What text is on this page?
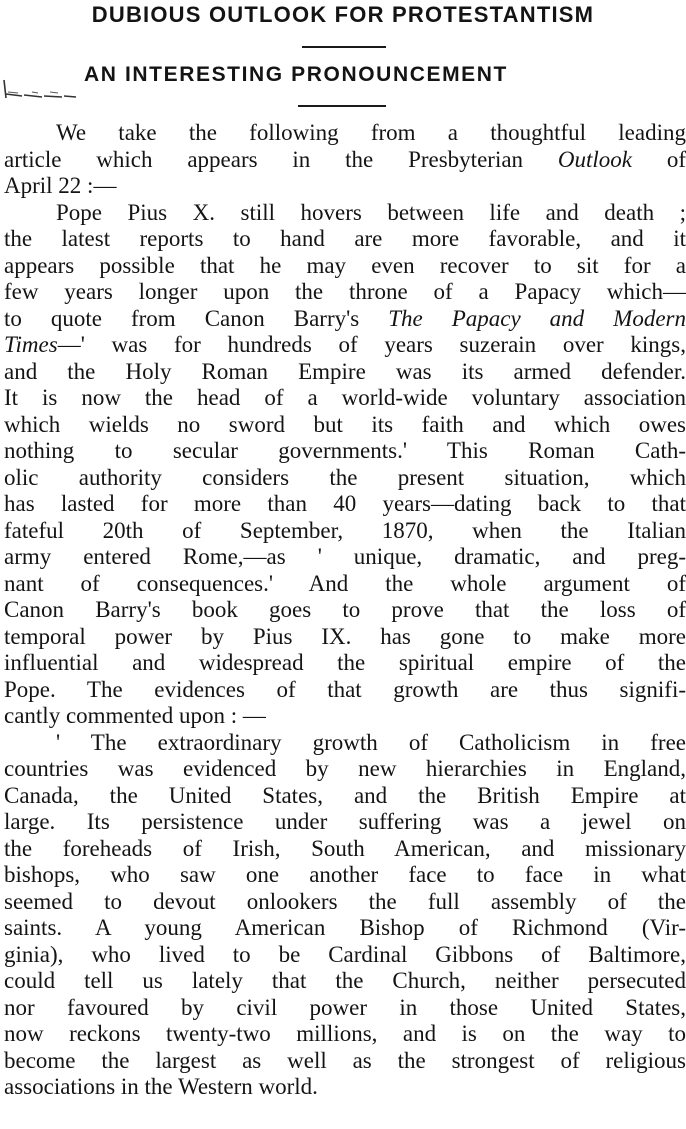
DUBIOUS OUTLOOK FOR PROTESTANTISM
AN INTERESTING PRONOUNCEMENT
We take the following from a thoughtful leading
article which appears in the Presbyterian Outlook of
April 22 :—
Pope Pius X. still hovers between life and death ;
the latest reports to hand are more favorable, and it
appears possible that he may even recover to sit for a
few years longer upon the throne of a Papacy which—
to quote from Canon Barry's The Papacy and Modern
Times—' was for hundreds of years suzerain over kings,
and the Holy Roman Empire was its armed defender.
It is now the head of a world-wide voluntary association
which wields no sword but its faith and which owes
nothing to secular governments.' This Roman Cath-
olic authority considers the present situation, which
has lasted for more than 40 years—dating back to that
fateful 20th of September, 1870, when the Italian
army entered Rome,—as ' unique, dramatic, and preg-
nant of consequences.' And the whole argument of
Canon Barry's book goes to prove that the loss of
temporal power by Pius IX. has gone to make more
influential and widespread the spiritual empire of the
Pope. The evidences of that growth are thus signifi-
cantly commented upon : —
' The extraordinary growth of Catholicism in free
countries was evidenced by new hierarchies in England,
Canada, the United States, and the British Empire at
large. Its persistence under suffering was a jewel on
the foreheads of Irish, South American, and missionary
bishops, who saw one another face to face in what
seemed to devout onlookers the full assembly of the
saints. A young American Bishop of Richmond (Vir-
ginia), who lived to be Cardinal Gibbons of Baltimore,
could tell us lately that the Church, neither persecuted
nor favoured by civil power in those United States,
now reckons twenty-two millions, and is on the way to
become the largest as well as the strongest of religious
associations in the Western world.
